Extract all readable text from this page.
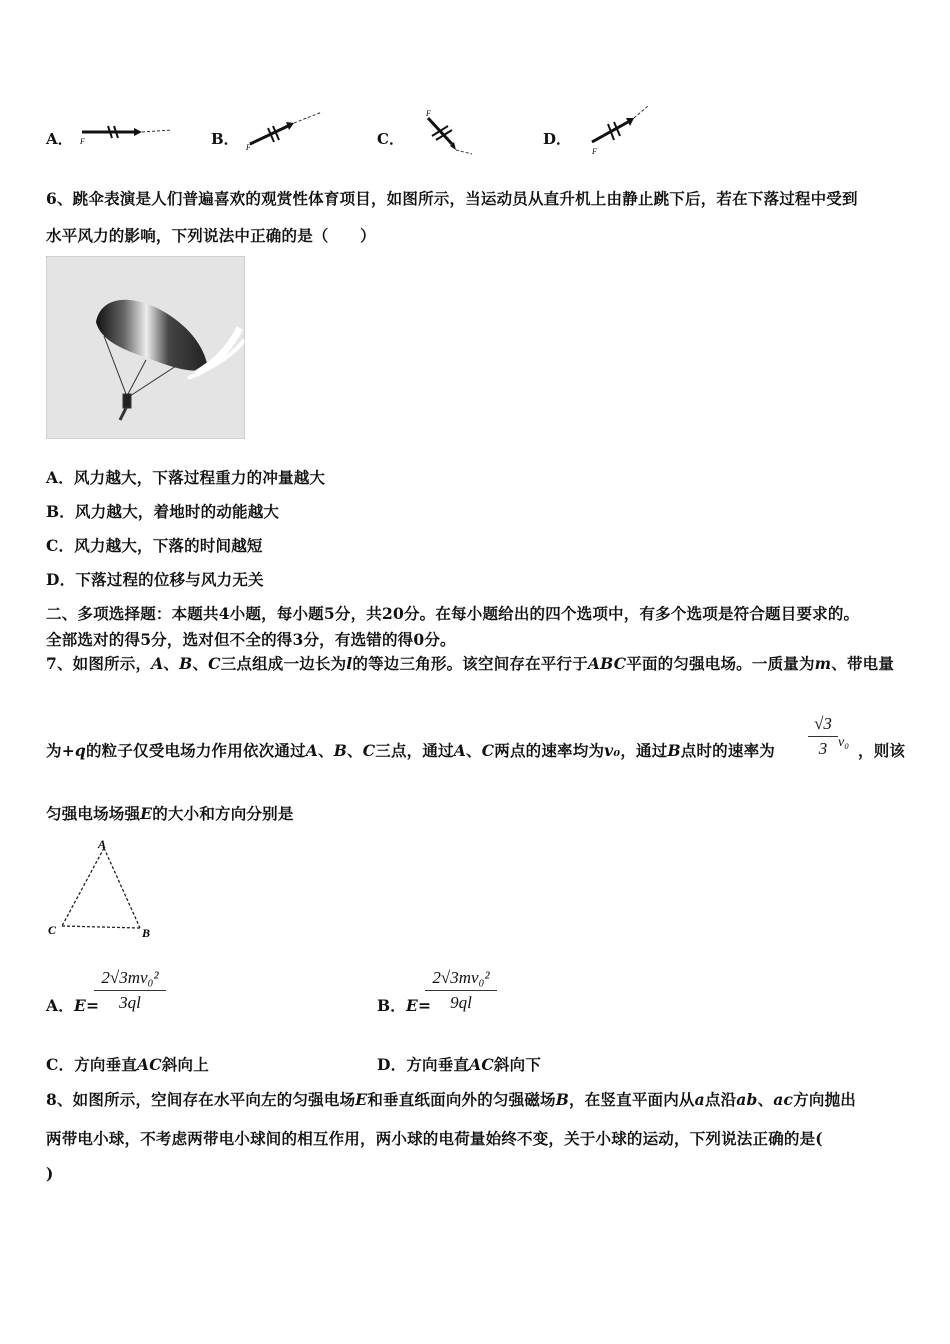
A． F	B． F	C．
F
D．
F
6、跳伞表演是人们普遍喜欢的观赏性体育项目，如图所示，当运动员从直升机上由静止跳下后，若在下落过程中受到
水平风力的影响，下列说法中正确的是（　　）
A．风力越大，下落过程重力的冲量越大
B．风力越大，着地时的动能越大
C．风力越大，下落的时间越短
D．下落过程的位移与风力无关
二、多项选择题：本题共4小题，每小题5分，共20分。在每小题给出的四个选项中，有多个选项是符合题目要求的。
全部选对的得5分，选对但不全的得3分，有选错的得0分。
7、如图所示，A、B、C三点组成一边长为l的等边三角形。该空间存在平行于ABC平面的匀强电场。一质量为m、带电量
为+q的粒子仅受电场力作用依次通过A、B、C三点，通过A、C两点的速率均为v₀，通过B点时的速率为
√3
3 v₀ ，则该
匀强电场场强E的大小和方向分别是
A
B
C
A．E=
2√3mv₀²
3ql	B．E=
2√3mv₀²
9ql
C．方向垂直AC斜向上	D．方向垂直AC斜向下
8、如图所示，空间存在水平向左的匀强电场E和垂直纸面向外的匀强磁场B，在竖直平面内从a点沿ab、ac方向抛出
两带电小球，不考虑两带电小球间的相互作用，两小球的电荷量始终不变，关于小球的运动，下列说法正确的是(
)
